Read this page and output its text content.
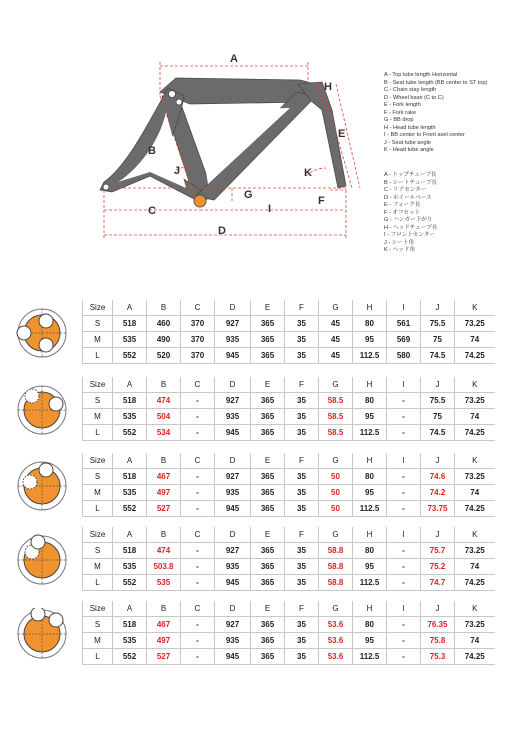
A
B
C
D
E
F
G
H
I
J	K
A - Top tube length Horizontal
B - Seat tube length (BB center to ST top)
C - Chain stay length
D - Wheel base (C to C)
E - Fork length
F - Fork rake
G - BB drop
H - Head tube length
I - BB center to Front axel center
J - Seat tube angle
K - Head tube angle
A - トップチューブ長
B - シートチューブ長
C - リアセンター
D - ホイールベース
E - フォーク長
F - オフセット
G - ハンガー下がり
H - ヘッドチューブ長
I - フロントセンター
J - シート角
K - ヘッド角
Size	A	B	C	D	E	F	G	H	I	J	K
S	518	460	370	927	365	35	45	80	561	75.5	73.25
M	535	490	370	935	365	35	45	95	569	75	74
L	552	520	370	945	365	35	45	112.5	580	74.5	74.25
Size	A	B	C	D	E	F	G	H	I	J	K
S	518	474	-	927	365	35	58.5	80	-	75.5	73.25
M	535	504	-	935	365	35	58.5	95	-	75	74
L	552	534	-	945	365	35	58.5	112.5	-	74.5	74.25
Size	A	B	C	D	E	F	G	H	I	J	K
S	518	467	-	927	365	35	50	80	-	74.6	73.25
M	535	497	-	935	365	35	50	95	-	74.2	74
L	552	527	-	945	365	35	50	112.5	-	73.75	74.25
Size	A	B	C	D	E	F	G	H	I	J	K
S	518	474	-	927	365	35	58.8	80	-	75.7	73.25
M	535	503.8	-	935	365	35	58.8	95	-	75.2	74
L	552	535	-	945	365	35	58.8	112.5	-	74.7	74.25
Size	A	B	C	D	E	F	G	H	I	J	K
S	518	467	-	927	365	35	53.6	80	-	76.35	73.25
M	535	497	-	935	365	35	53.6	95	-	75.8	74
L	552	527	-	945	365	35	53.6	112.5	-	75.3	74.25
